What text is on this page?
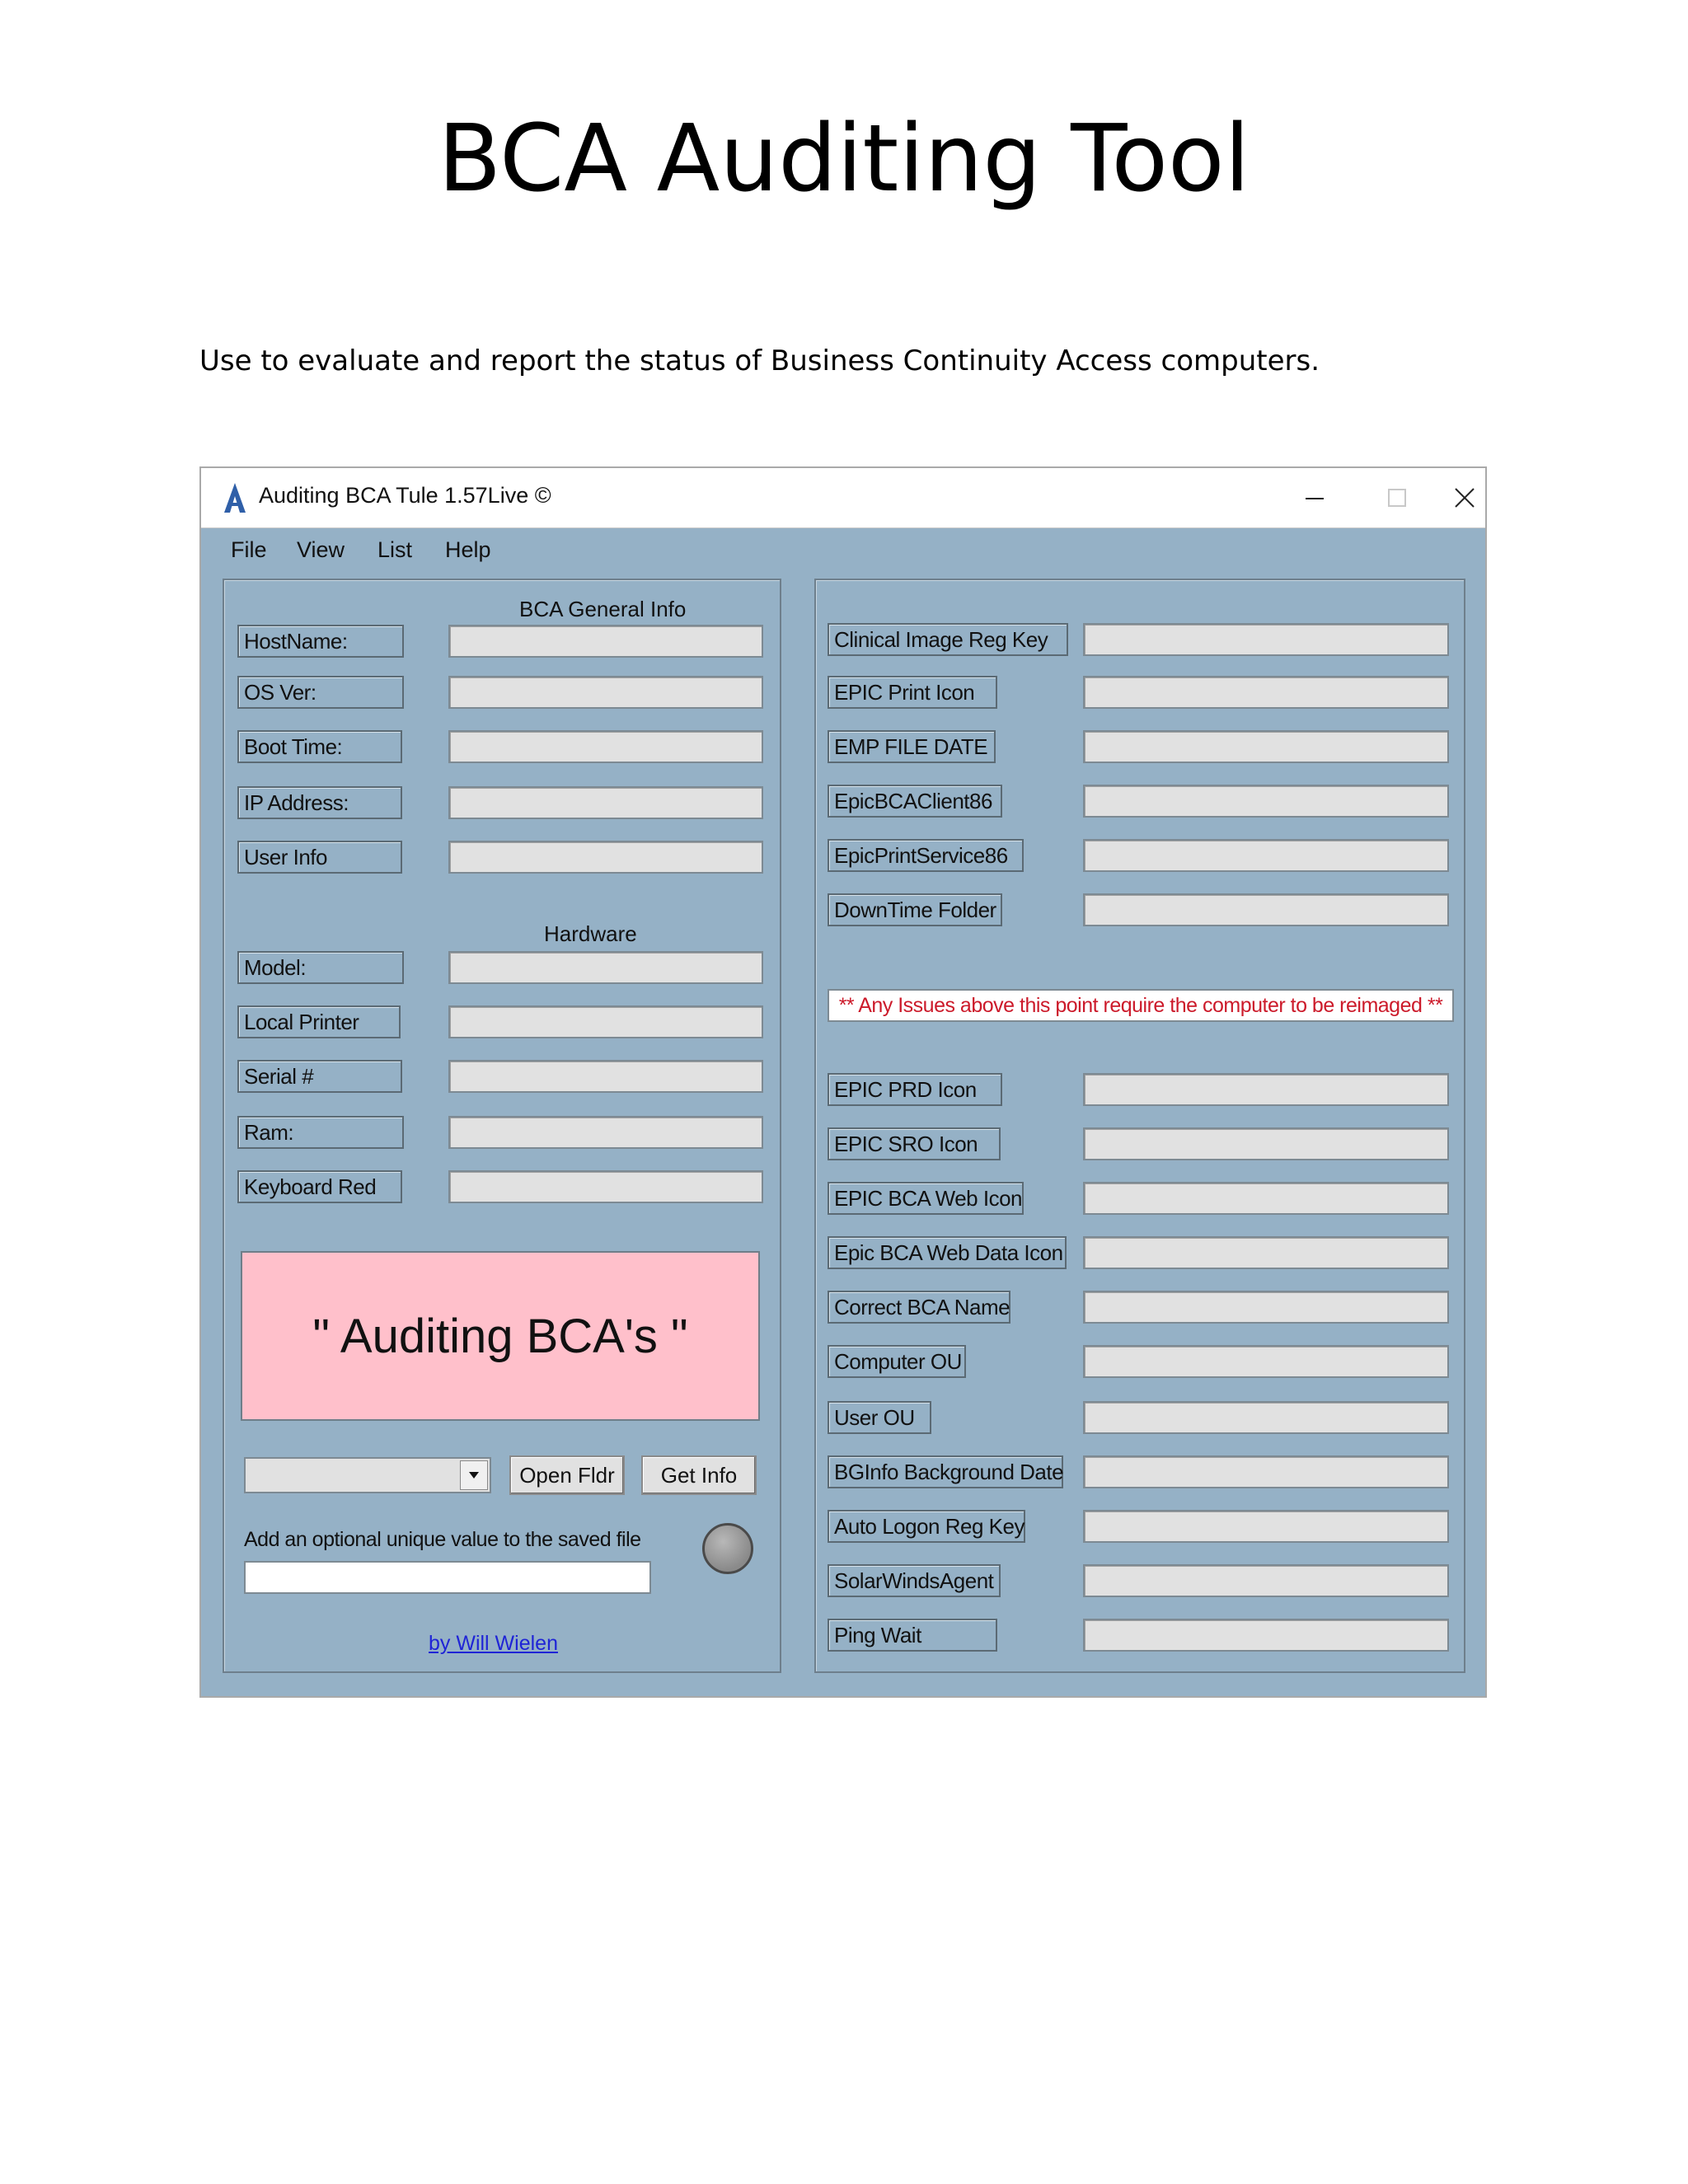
BCA Auditing Tool
Use to evaluate and report the status of Business Continuity Access computers.
Auditing BCA Tule 1.57Live ©
File View List Help
BCA General Info
HostName:
OS Ver:
Boot Time:
IP Address:
User Info
Hardware
Model:
Local Printer
Serial #
Ram:
Keyboard Red
" Auditing BCA's "
Open Fldr	Get Info
Add an optional unique value to the saved file
by Will Wielen
Clinical Image Reg Key
EPIC Print Icon
EMP FILE DATE
EpicBCAClient86
EpicPrintService86
DownTime Folder
** Any Issues above this point require the computer to be reimaged **
EPIC PRD Icon
EPIC SRO Icon
EPIC BCA Web Icon
Epic BCA Web Data Icon
Correct BCA Name
Computer OU
User OU
BGInfo Background Date
Auto Logon Reg Key
SolarWindsAgent
Ping Wait
